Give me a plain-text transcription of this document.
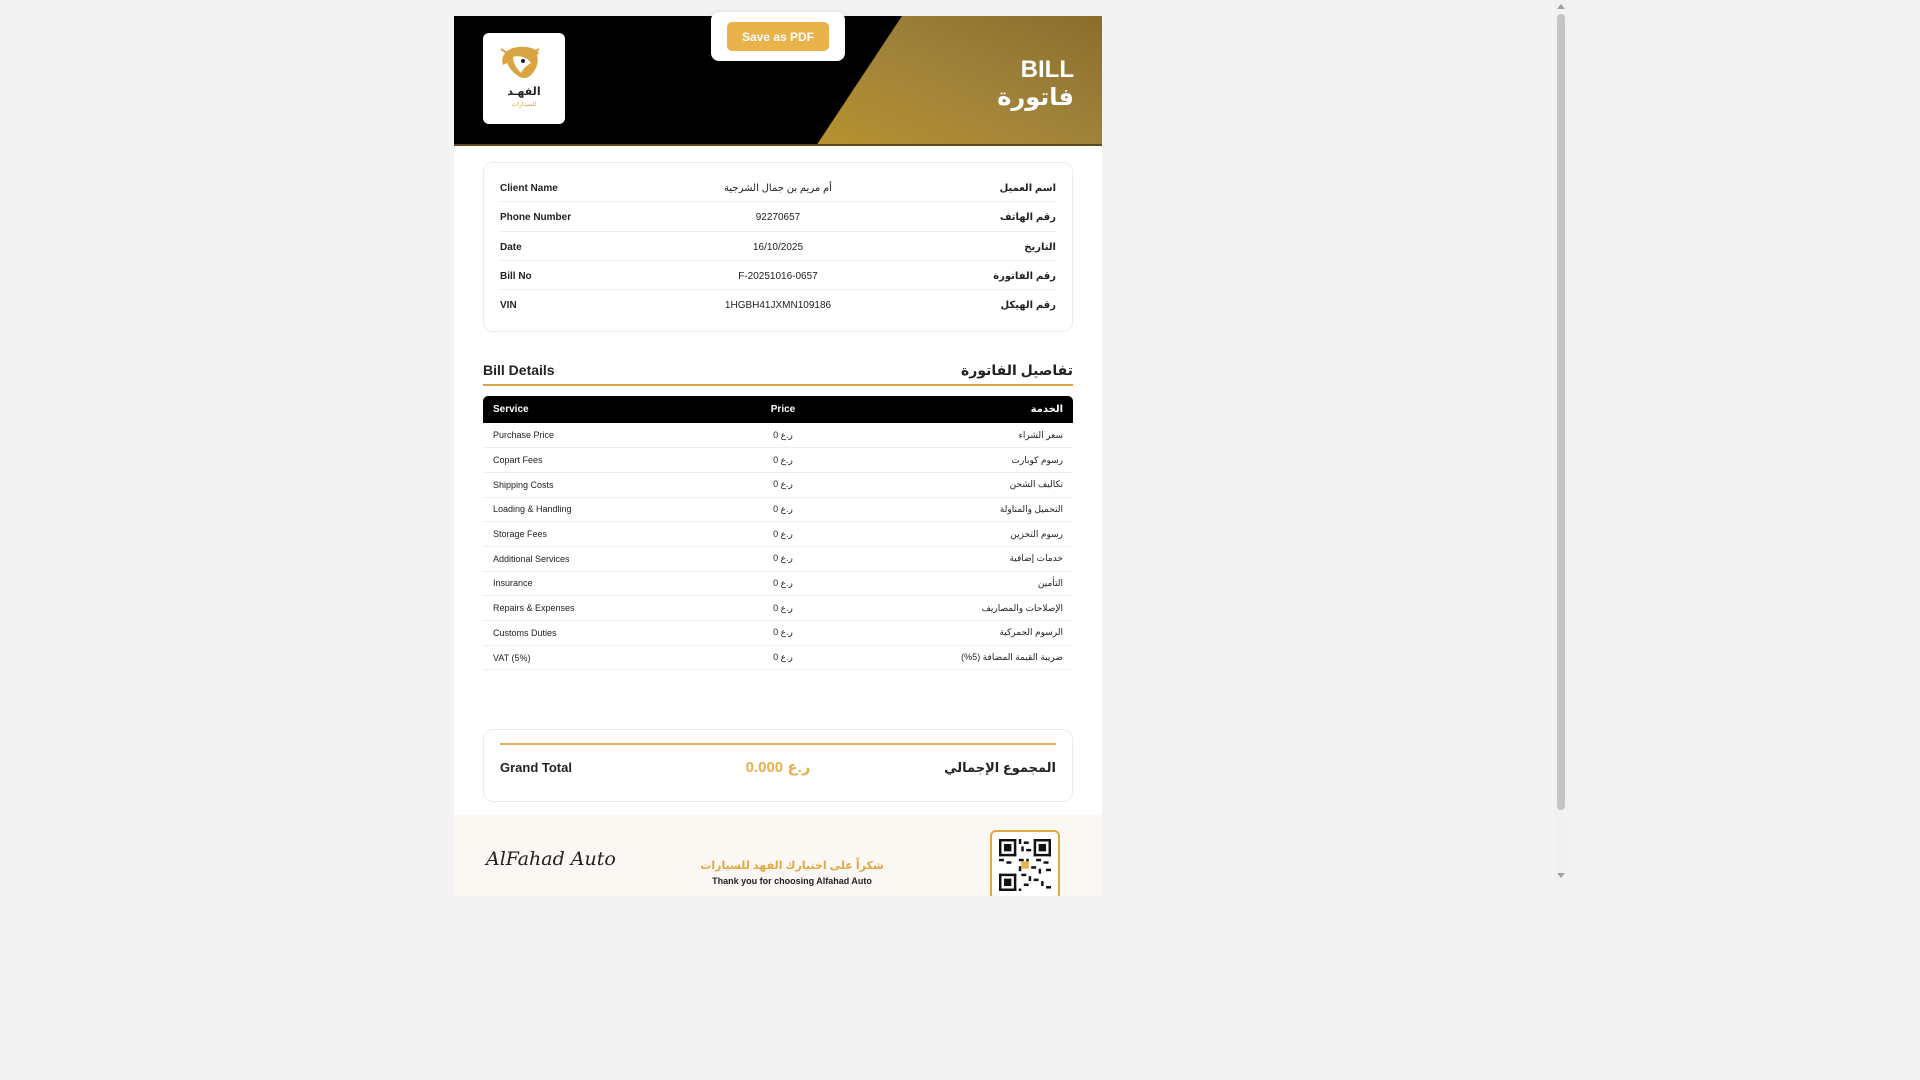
الفهـد
للسيـارات
BILL
فاتورة
Client Name	أم مريم بن جمال الشرجية	اسم العميل
Phone Number	92270657	رقم الهاتف
Date	16/10/2025	التاريخ
Bill No	F-20251016-0657	رقم الفاتورة
VIN	1HGBH41JXMN109186	رقم الهيكل
Bill Details	تفاصيل الفاتورة
Service	Price	الخدمة
Purchase Price	ر.ع 0	سعر الشراء
Copart Fees	ر.ع 0	رسوم كوبارت
Shipping Costs	ر.ع 0	تكاليف الشحن
Loading & Handling	ر.ع 0	التحميل والمناولة
Storage Fees	ر.ع 0	رسوم التخزين
Additional Services	ر.ع 0	خدمات إضافية
Insurance	ر.ع 0	التأمين
Repairs & Expenses	ر.ع 0	الإصلاحات والمصاريف
Customs Duties	ر.ع 0	الرسوم الجمركية
VAT (5%)	ر.ع 0	ضريبة القيمة المضافة (5%)
Grand Total	ر.ع 0.000	المجموع الإجمالي
AlFahad Auto	شكراً على اختيارك الفهد للسيارات
Thank you for choosing Alfahad Auto
Save as PDF
